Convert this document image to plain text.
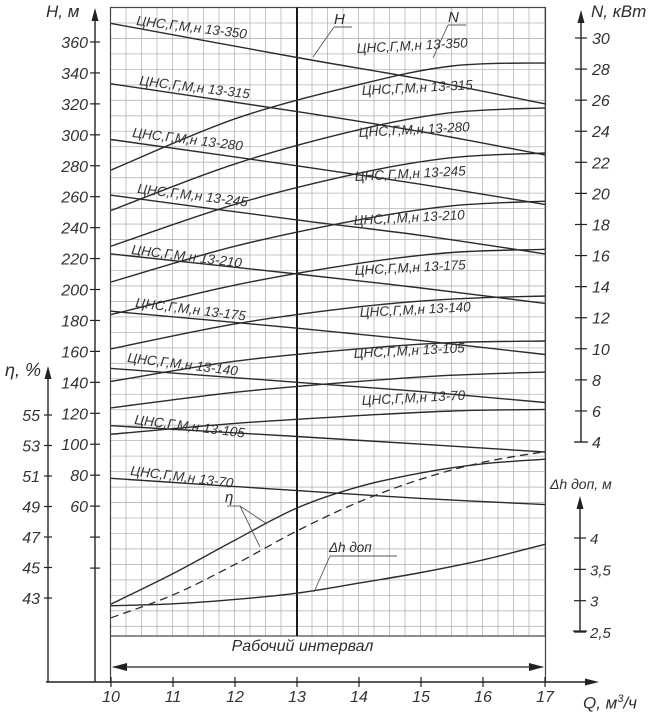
ЦНС,Г,М,н 13-350
ЦНС,Г,М,н 13-350
ЦНС,Г,М,н 13-315	ЦНС,Г,М,н 13-315
ЦНС,Г,М,н 13-280	ЦНС,Г,М,н 13-280
ЦНС,Г,М,н 13-245
ЦНС,Г,М,н 13-245
ЦНС,Г,М,н 13-210
ЦНС,Г,М,н 13-210
ЦНС,Г,М,н 13-175
ЦНС,Г,М,н 13-175
ЦНС,Г,М,н 13-140
ЦНС,Г,М,н 13-140
ЦНС,Г,М,н 13-105
ЦНС,Г,М,н 13-105
ЦНС,Г,М,н 13-70
ЦНС,Г,М,н 13-70
360
340
320
300
280
260
240
220
200
180
160
140
120
100
80
60
55
53
51
49
47
45
43
30
28
26
24
22
20
18
16
14
12
10
8
6
4
4
3,5
3
2,5
10	11	12	13	14	15	16	17
H, м	N, кВт
η, %
Δh доп, м
Q, $м^3/ч$
Рабочий интервал
H	N
η
Δh доп
